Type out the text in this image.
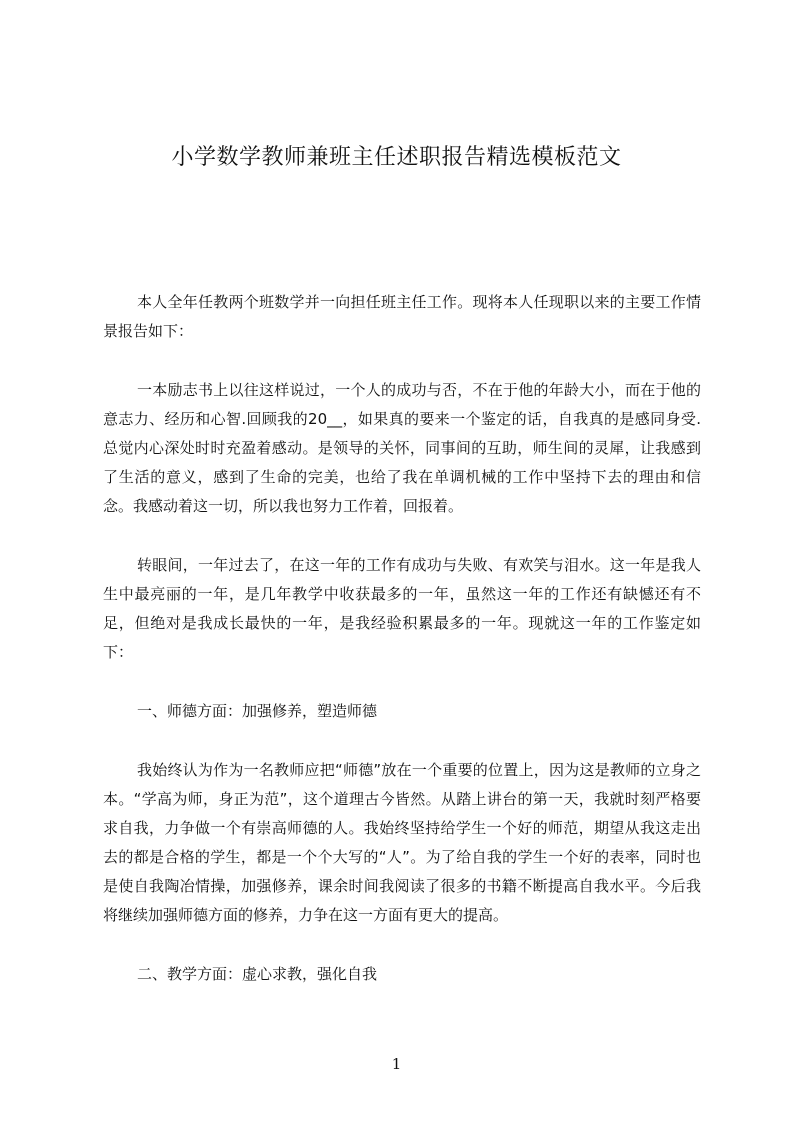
小学数学教师兼班主任述职报告精选模板范文

本人全年任教两个班数学并一向担任班主任工作。现将本人任现职以来的主要工作情景报告如下：

一本励志书上以往这样说过，一个人的成功与否，不在于他的年龄大小，而在于他的意志力、经历和心智.回顾我的20__，如果真的要来一个鉴定的话，自我真的是感同身受.总觉内心深处时时充盈着感动。是领导的关怀，同事间的互助，师生间的灵犀，让我感到了生活的意义，感到了生命的完美，也给了我在单调机械的工作中坚持下去的理由和信念。我感动着这一切，所以我也努力工作着，回报着。

转眼间，一年过去了，在这一年的工作有成功与失败、有欢笑与泪水。这一年是我人生中最亮丽的一年，是几年教学中收获最多的一年，虽然这一年的工作还有缺憾还有不足，但绝对是我成长最快的一年，是我经验积累最多的一年。现就这一年的工作鉴定如下：

一、师德方面：加强修养，塑造师德

我始终认为作为一名教师应把“师德”放在一个重要的位置上，因为这是教师的立身之本。“学高为师，身正为范”，这个道理古今皆然。从踏上讲台的第一天，我就时刻严格要求自我，力争做一个有崇高师德的人。我始终坚持给学生一个好的师范，期望从我这走出去的都是合格的学生，都是一个个大写的“人”。为了给自我的学生一个好的表率，同时也是使自我陶冶情操，加强修养，课余时间我阅读了很多的书籍不断提高自我水平。今后我将继续加强师德方面的修养，力争在这一方面有更大的提高。

二、教学方面：虚心求教，强化自我

1
